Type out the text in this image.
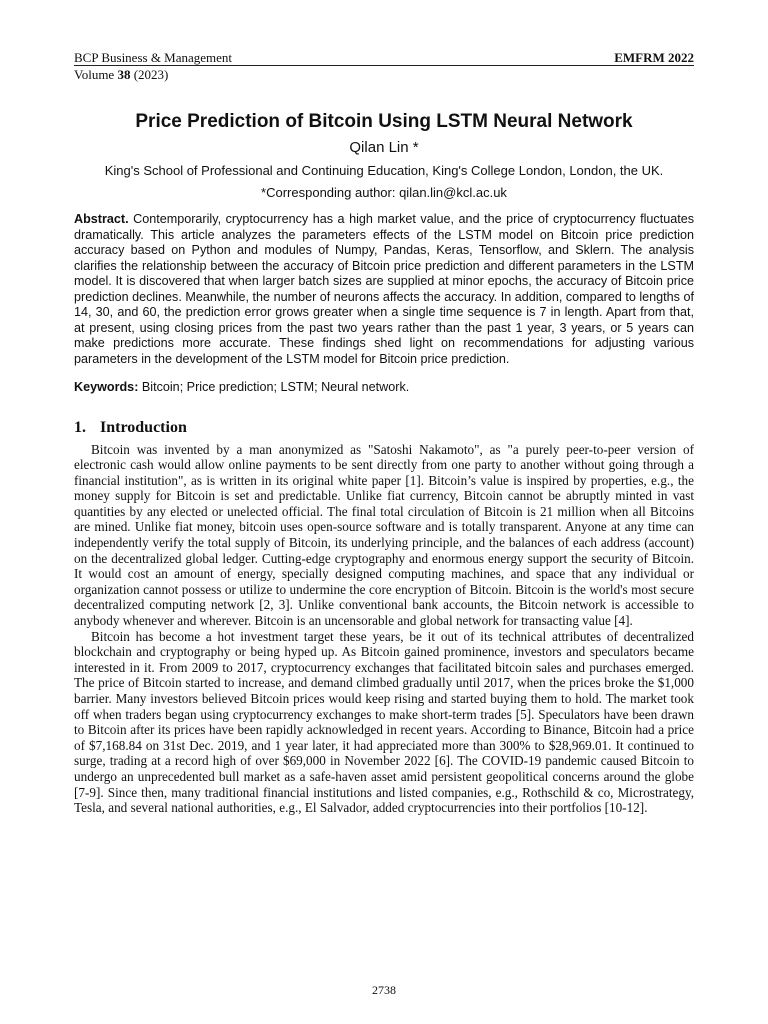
BCP Business & Management	EMFRM 2022
Volume 38 (2023)
Price Prediction of Bitcoin Using LSTM Neural Network
Qilan Lin *
King's School of Professional and Continuing Education, King's College London, London, the UK.
*Corresponding author: qilan.lin@kcl.ac.uk
Abstract. Contemporarily, cryptocurrency has a high market value, and the price of cryptocurrency fluctuates dramatically. This article analyzes the parameters effects of the LSTM model on Bitcoin price prediction accuracy based on Python and modules of Numpy, Pandas, Keras, Tensorflow, and Sklern. The analysis clarifies the relationship between the accuracy of Bitcoin price prediction and different parameters in the LSTM model. It is discovered that when larger batch sizes are supplied at minor epochs, the accuracy of Bitcoin price prediction declines. Meanwhile, the number of neurons affects the accuracy. In addition, compared to lengths of 14, 30, and 60, the prediction error grows greater when a single time sequence is 7 in length. Apart from that, at present, using closing prices from the past two years rather than the past 1 year, 3 years, or 5 years can make predictions more accurate. These findings shed light on recommendations for adjusting various parameters in the development of the LSTM model for Bitcoin price prediction.
Keywords: Bitcoin; Price prediction; LSTM; Neural network.
1. Introduction

Bitcoin was invented by a man anonymized as "Satoshi Nakamoto", as "a purely peer-to-peer version of electronic cash would allow online payments to be sent directly from one party to another without going through a financial institution", as is written in its original white paper [1]. Bitcoin’s value is inspired by properties, e.g., the money supply for Bitcoin is set and predictable. Unlike fiat currency, Bitcoin cannot be abruptly minted in vast quantities by any elected or unelected official. The final total circulation of Bitcoin is 21 million when all Bitcoins are mined. Unlike fiat money, bitcoin uses open-source software and is totally transparent. Anyone at any time can independently verify the total supply of Bitcoin, its underlying principle, and the balances of each address (account) on the decentralized global ledger. Cutting-edge cryptography and enormous energy support the security of Bitcoin. It would cost an amount of energy, specially designed computing machines, and space that any individual or organization cannot possess or utilize to undermine the core encryption of Bitcoin. Bitcoin is the world's most secure decentralized computing network [2, 3]. Unlike conventional bank accounts, the Bitcoin network is accessible to anybody whenever and wherever. Bitcoin is an uncensorable and global network for transacting value [4].

Bitcoin has become a hot investment target these years, be it out of its technical attributes of decentralized blockchain and cryptography or being hyped up. As Bitcoin gained prominence, investors and speculators became interested in it. From 2009 to 2017, cryptocurrency exchanges that facilitated bitcoin sales and purchases emerged. The price of Bitcoin started to increase, and demand climbed gradually until 2017, when the prices broke the $1,000 barrier. Many investors believed Bitcoin prices would keep rising and started buying them to hold. The market took off when traders began using cryptocurrency exchanges to make short-term trades [5]. Speculators have been drawn to Bitcoin after its prices have been rapidly acknowledged in recent years. According to Binance, Bitcoin had a price of $7,168.84 on 31st Dec. 2019, and 1 year later, it had appreciated more than 300% to $28,969.01. It continued to surge, trading at a record high of over $69,000 in November 2022 [6]. The COVID-19 pandemic caused Bitcoin to undergo an unprecedented bull market as a safe-haven asset amid persistent geopolitical concerns around the globe [7-9]. Since then, many traditional financial institutions and listed companies, e.g., Rothschild & co, Microstrategy, Tesla, and several national authorities, e.g., El Salvador, added cryptocurrencies into their portfolios [10-12].

2738
